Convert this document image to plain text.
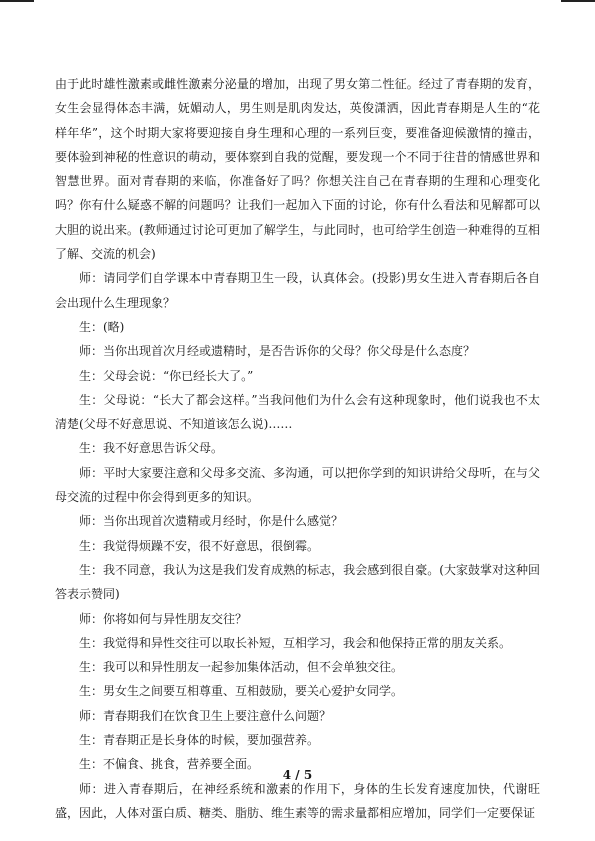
由于此时雄性激素或雌性激素分泌量的增加，出现了男女第二性征。经过了青春期的发育，女生会显得体态丰满，妩媚动人，男生则是肌肉发达，英俊潇洒，因此青春期是人生的“花样年华”，这个时期大家将要迎接自身生理和心理的一系列巨变，要准备迎候激情的撞击，要体验到神秘的性意识的萌动，要体察到自我的觉醒，要发现一个不同于往昔的情感世界和智慧世界。面对青春期的来临，你准备好了吗？你想关注自己在青春期的生理和心理变化吗？你有什么疑惑不解的问题吗？让我们一起加入下面的讨论，你有什么看法和见解都可以大胆的说出来。(教师通过讨论可更加了解学生，与此同时，也可给学生创造一种难得的互相了解、交流的机会)

师：请同学们自学课本中青春期卫生一段，认真体会。(投影)男女生进入青春期后各自会出现什么生理现象？

生：(略)

师：当你出现首次月经或遗精时，是否告诉你的父母？你父母是什么态度？

生：父母会说：“你已经长大了。”

生：父母说：“长大了都会这样。”当我问他们为什么会有这种现象时，他们说我也不太清楚(父母不好意思说、不知道该怎么说)……

生：我不好意思告诉父母。

师：平时大家要注意和父母多交流、多沟通，可以把你学到的知识讲给父母听，在与父母交流的过程中你会得到更多的知识。

师：当你出现首次遗精或月经时，你是什么感觉？

生：我觉得烦躁不安，很不好意思，很倒霉。

生：我不同意，我认为这是我们发育成熟的标志，我会感到很自豪。(大家鼓掌对这种回答表示赞同)

师：你将如何与异性朋友交往？

生：我觉得和异性交往可以取长补短，互相学习，我会和他保持正常的朋友关系。

生：我可以和异性朋友一起参加集体活动，但不会单独交往。

生：男女生之间要互相尊重、互相鼓励，要关心爱护女同学。

师：青春期我们在饮食卫生上要注意什么问题？

生：青春期正是长身体的时候，要加强营养。

生：不偏食、挑食，营养要全面。

师：进入青春期后，在神经系统和激素的作用下，身体的生长发育速度加快，代谢旺盛，因此，人体对蛋白质、糖类、脂肪、维生素等的需求量都相应增加，同学们一定要保证

4 / 5
